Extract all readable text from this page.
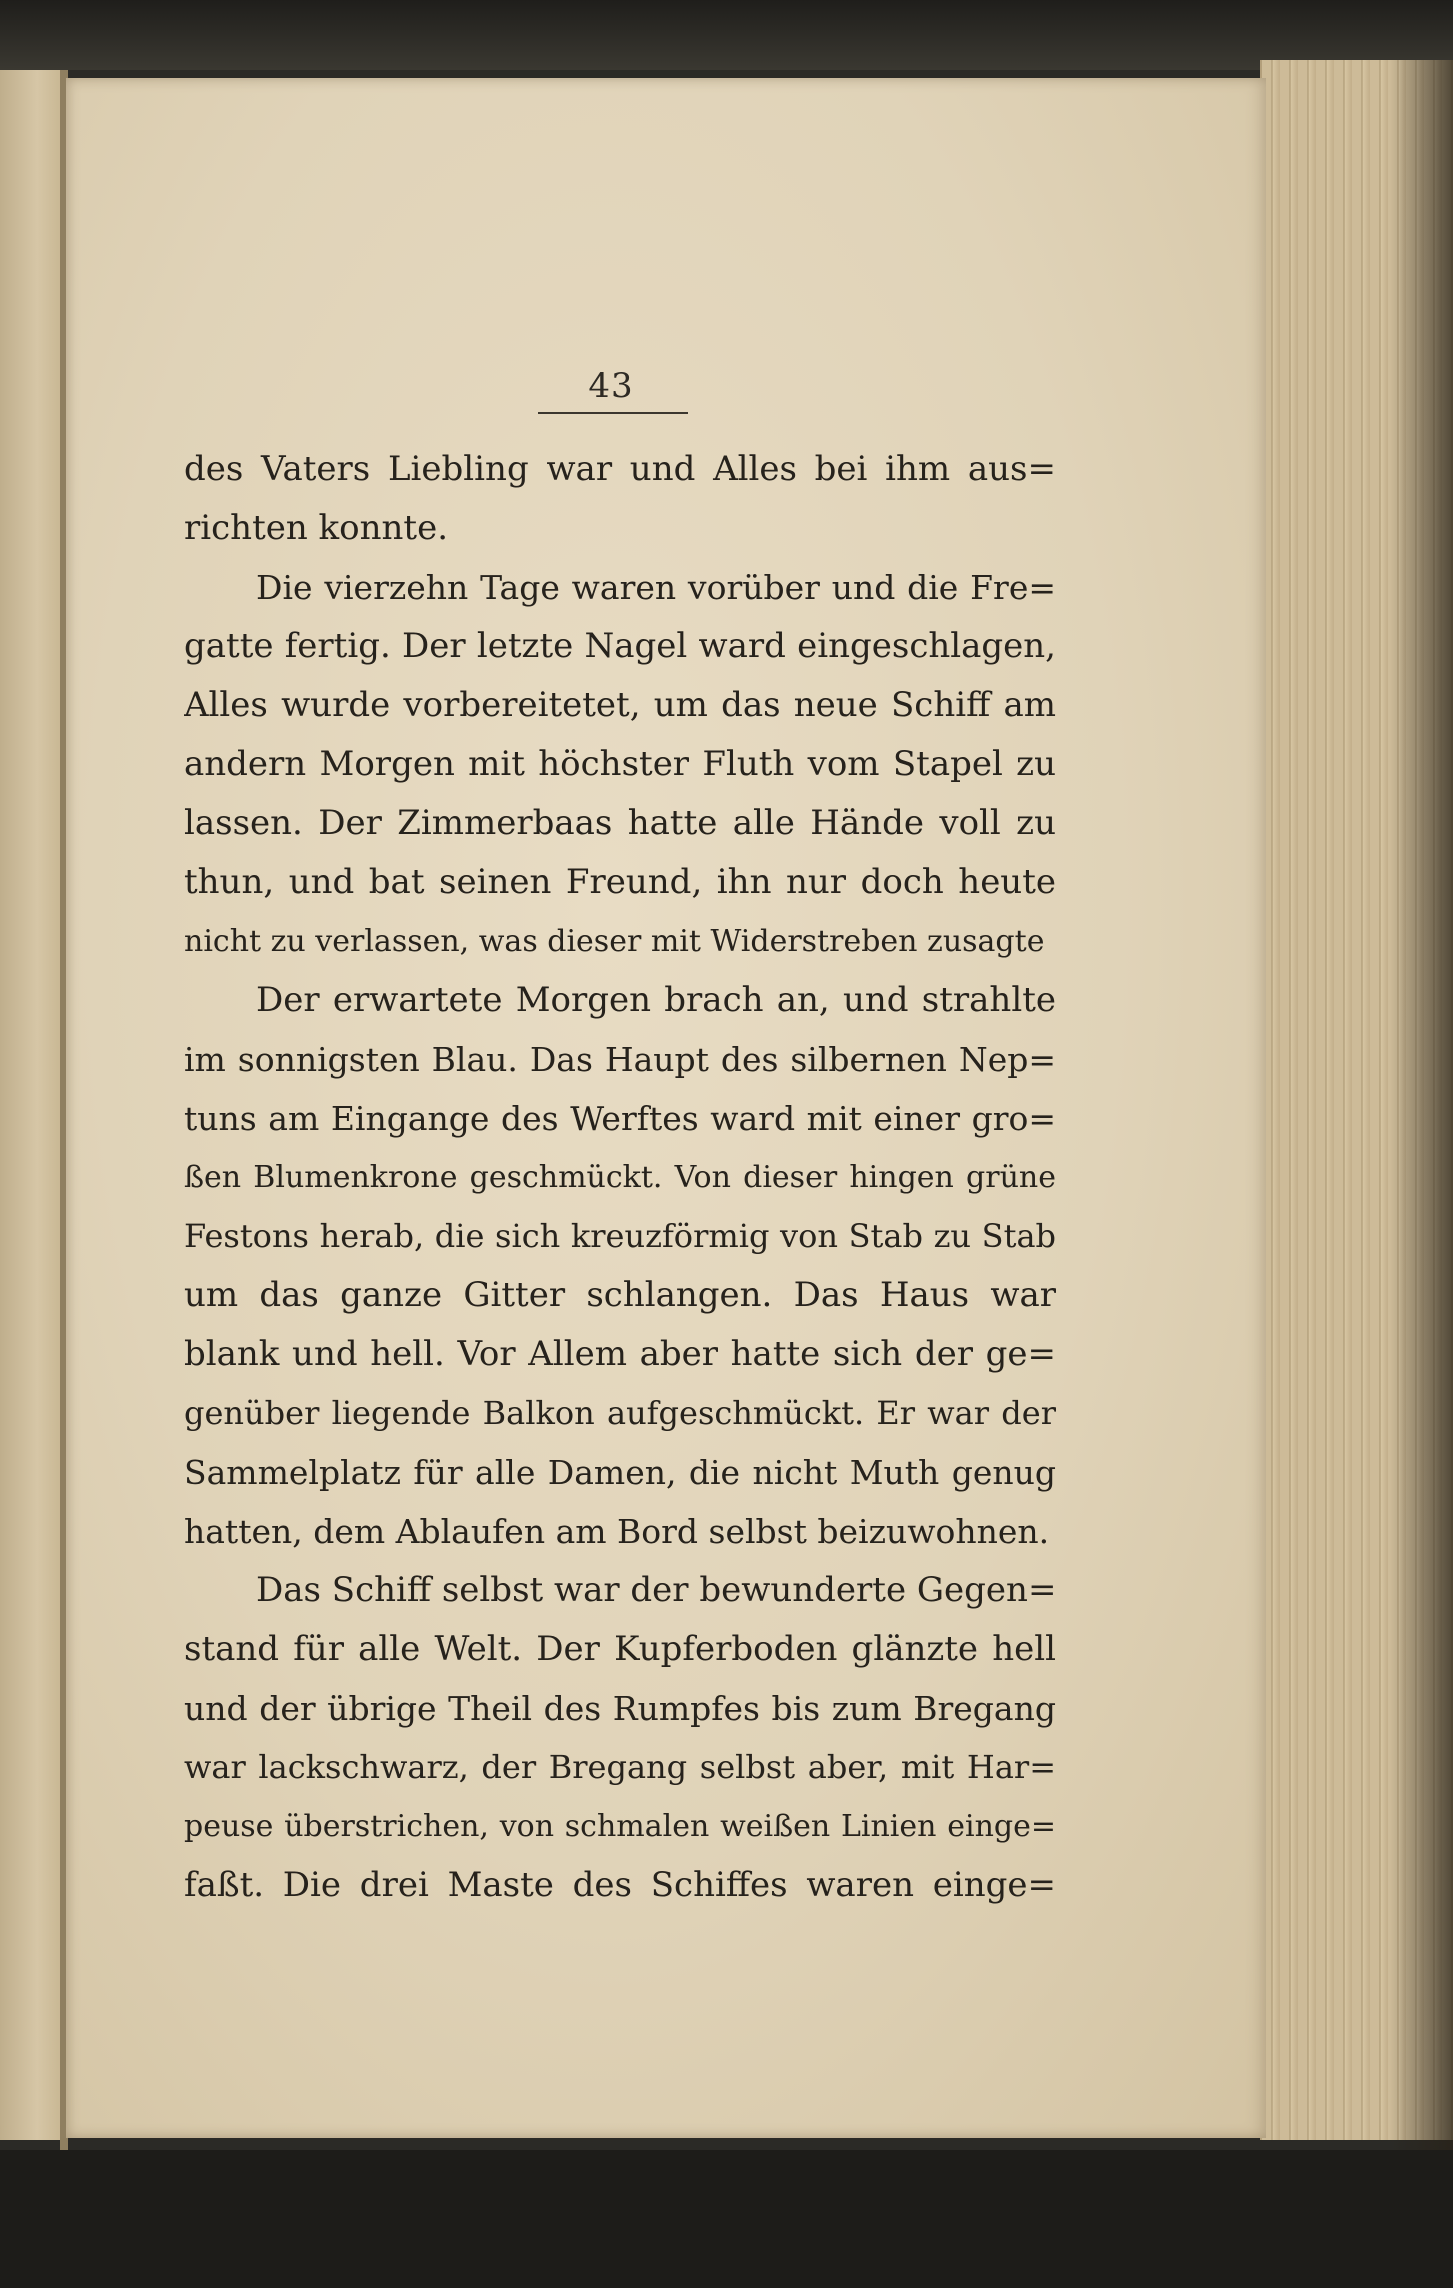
43
des Vaters Liebling war und Alles bei ihm aus=
richten konnte.
Die vierzehn Tage waren vorüber und die Fre=
gatte fertig. Der letzte Nagel ward eingeschlagen,
Alles wurde vorbereitetet, um das neue Schiff am
andern Morgen mit höchster Fluth vom Stapel zu
lassen. Der Zimmerbaas hatte alle Hände voll zu
thun, und bat seinen Freund, ihn nur doch heute
nicht zu verlassen, was dieser mit Widerstreben zusagte
Der erwartete Morgen brach an, und strahlte
im sonnigsten Blau. Das Haupt des silbernen Nep=
tuns am Eingange des Werftes ward mit einer gro=
ßen Blumenkrone geschmückt. Von dieser hingen grüne
Festons herab, die sich kreuzförmig von Stab zu Stab
um das ganze Gitter schlangen. Das Haus war
blank und hell. Vor Allem aber hatte sich der ge=
genüber liegende Balkon aufgeschmückt. Er war der
Sammelplatz für alle Damen, die nicht Muth genug
hatten, dem Ablaufen am Bord selbst beizuwohnen.
Das Schiff selbst war der bewunderte Gegen=
stand für alle Welt. Der Kupferboden glänzte hell
und der übrige Theil des Rumpfes bis zum Bregang
war lackschwarz, der Bregang selbst aber, mit Har=
peuse überstrichen, von schmalen weißen Linien einge=
faßt. Die drei Maste des Schiffes waren einge=
